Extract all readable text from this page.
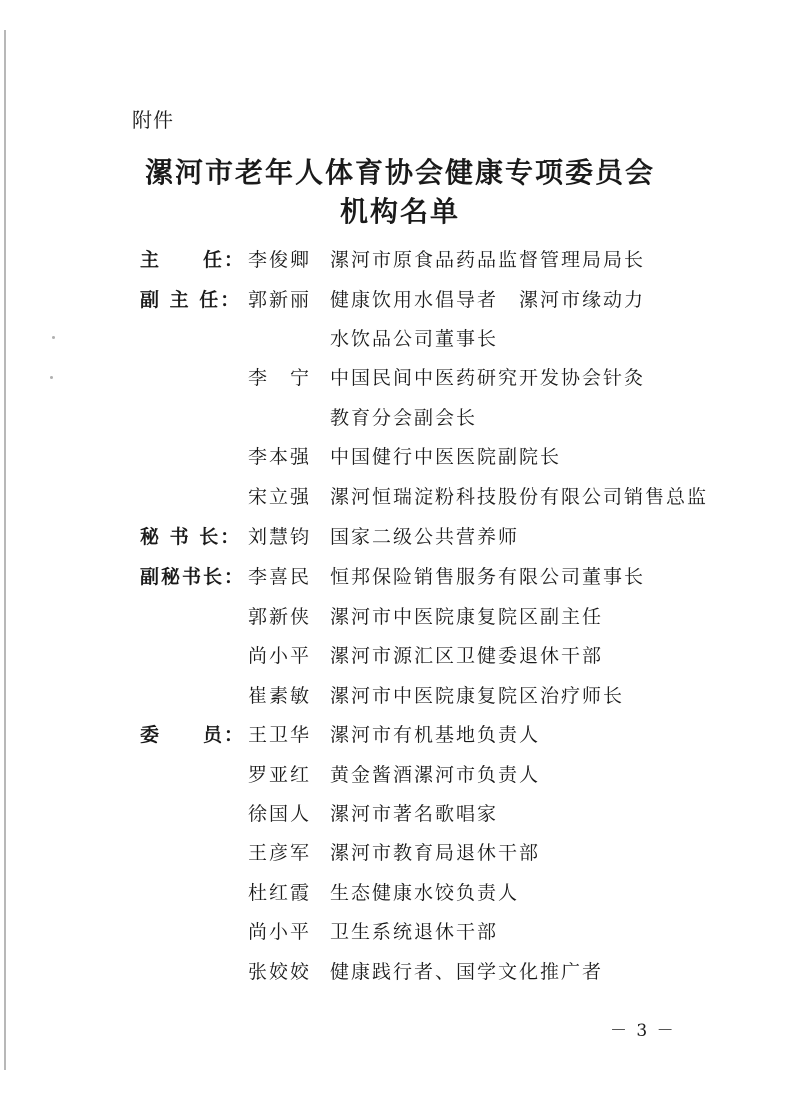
附件
漯河市老年人体育协会健康专项委员会
机构名单
主　　任： 李俊卿 漯河市原食品药品监督管理局局长
副 主 任： 郭新丽 健康饮用水倡导者　漯河市缘动力
水饮品公司董事长
李　宁 中国民间中医药研究开发协会针灸
教育分会副会长
李本强 中国健行中医医院副院长
宋立强 漯河恒瑞淀粉科技股份有限公司销售总监
秘 书 长： 刘慧钧 国家二级公共营养师
副秘书长： 李喜民 恒邦保险销售服务有限公司董事长
郭新侠 漯河市中医院康复院区副主任
尚小平 漯河市源汇区卫健委退休干部
崔素敏 漯河市中医院康复院区治疗师长
委　　员： 王卫华 漯河市有机基地负责人
罗亚红 黄金酱酒漯河市负责人
徐国人 漯河市著名歌唱家
王彦军 漯河市教育局退休干部
杜红霞 生态健康水饺负责人
尚小平 卫生系统退休干部
张姣姣 健康践行者、国学文化推广者
－ 3 －
